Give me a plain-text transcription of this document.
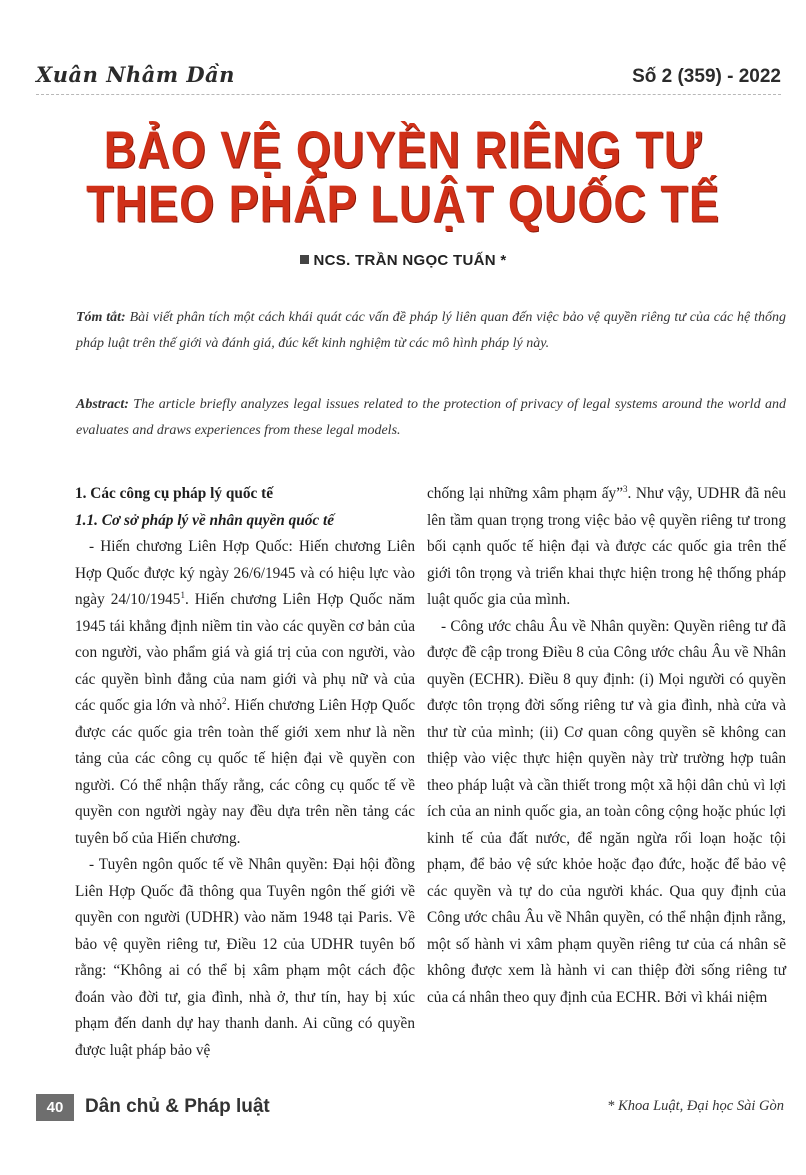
Xuân Nhâm Dần	Số 2 (359) - 2022
BẢO VỆ QUYỀN RIÊNG TƯ
THEO PHÁP LUẬT QUỐC TẾ
NCS. TRẦN NGỌC TUẤN *

Tóm tắt: Bài viết phân tích một cách khái quát các vấn đề pháp lý liên quan đến việc bảo vệ quyền riêng tư của các hệ thống pháp luật trên thế giới và đánh giá, đúc kết kinh nghiệm từ các mô hình pháp lý này.

Abstract: The article briefly analyzes legal issues related to the protection of privacy of legal systems around the world and evaluates and draws experiences from these legal models.

1. Các công cụ pháp lý quốc tế
1.1. Cơ sở pháp lý về nhân quyền quốc tế

- Hiến chương Liên Hợp Quốc: Hiến chương Liên Hợp Quốc được ký ngày 26/6/1945 và có hiệu lực vào ngày 24/10/1945$^1$. Hiến chương Liên Hợp Quốc năm 1945 tái khẳng định niềm tin vào các quyền cơ bản của con người, vào phẩm giá và giá trị của con người, vào các quyền bình đẳng của nam giới và phụ nữ và của các quốc gia lớn và nhỏ$^2$. Hiến chương Liên Hợp Quốc được các quốc gia trên toàn thế giới xem như là nền tảng của các công cụ quốc tế hiện đại về quyền con người. Có thể nhận thấy rằng, các công cụ quốc tế về quyền con người ngày nay đều dựa trên nền tảng các tuyên bố của Hiến chương.

- Tuyên ngôn quốc tế về Nhân quyền: Đại hội đồng Liên Hợp Quốc đã thông qua Tuyên ngôn thế giới về quyền con người (UDHR) vào năm 1948 tại Paris. Về bảo vệ quyền riêng tư, Điều 12 của UDHR tuyên bố rằng: “Không ai có thể bị xâm phạm một cách độc đoán vào đời tư, gia đình, nhà ở, thư tín, hay bị xúc phạm đến danh dự hay thanh danh. Ai cũng có quyền được luật pháp bảo vệ

chống lại những xâm phạm ấy”$^3$. Như vậy, UDHR đã nêu lên tầm quan trọng trong việc bảo vệ quyền riêng tư trong bối cạnh quốc tế hiện đại và được các quốc gia trên thế giới tôn trọng và triển khai thực hiện trong hệ thống pháp luật quốc gia của mình.

- Công ước châu Âu về Nhân quyền: Quyền riêng tư đã được đề cập trong Điều 8 của Công ước châu Âu về Nhân quyền (ECHR). Điều 8 quy định: (i) Mọi người có quyền được tôn trọng đời sống riêng tư và gia đình, nhà cửa và thư từ của mình; (ii) Cơ quan công quyền sẽ không can thiệp vào việc thực hiện quyền này trừ trường hợp tuân theo pháp luật và cần thiết trong một xã hội dân chủ vì lợi ích của an ninh quốc gia, an toàn công cộng hoặc phúc lợi kinh tế của đất nước, để ngăn ngừa rối loạn hoặc tội phạm, để bảo vệ sức khỏe hoặc đạo đức, hoặc để bảo vệ các quyền và tự do của người khác. Qua quy định của Công ước châu Âu về Nhân quyền, có thể nhận định rằng, một số hành vi xâm phạm quyền riêng tư của cá nhân sẽ không được xem là hành vi can thiệp đời sống riêng tư của cá nhân theo quy định của ECHR. Bởi vì khái niệm

40	Dân chủ & Pháp luật	* Khoa Luật, Đại học Sài Gòn
